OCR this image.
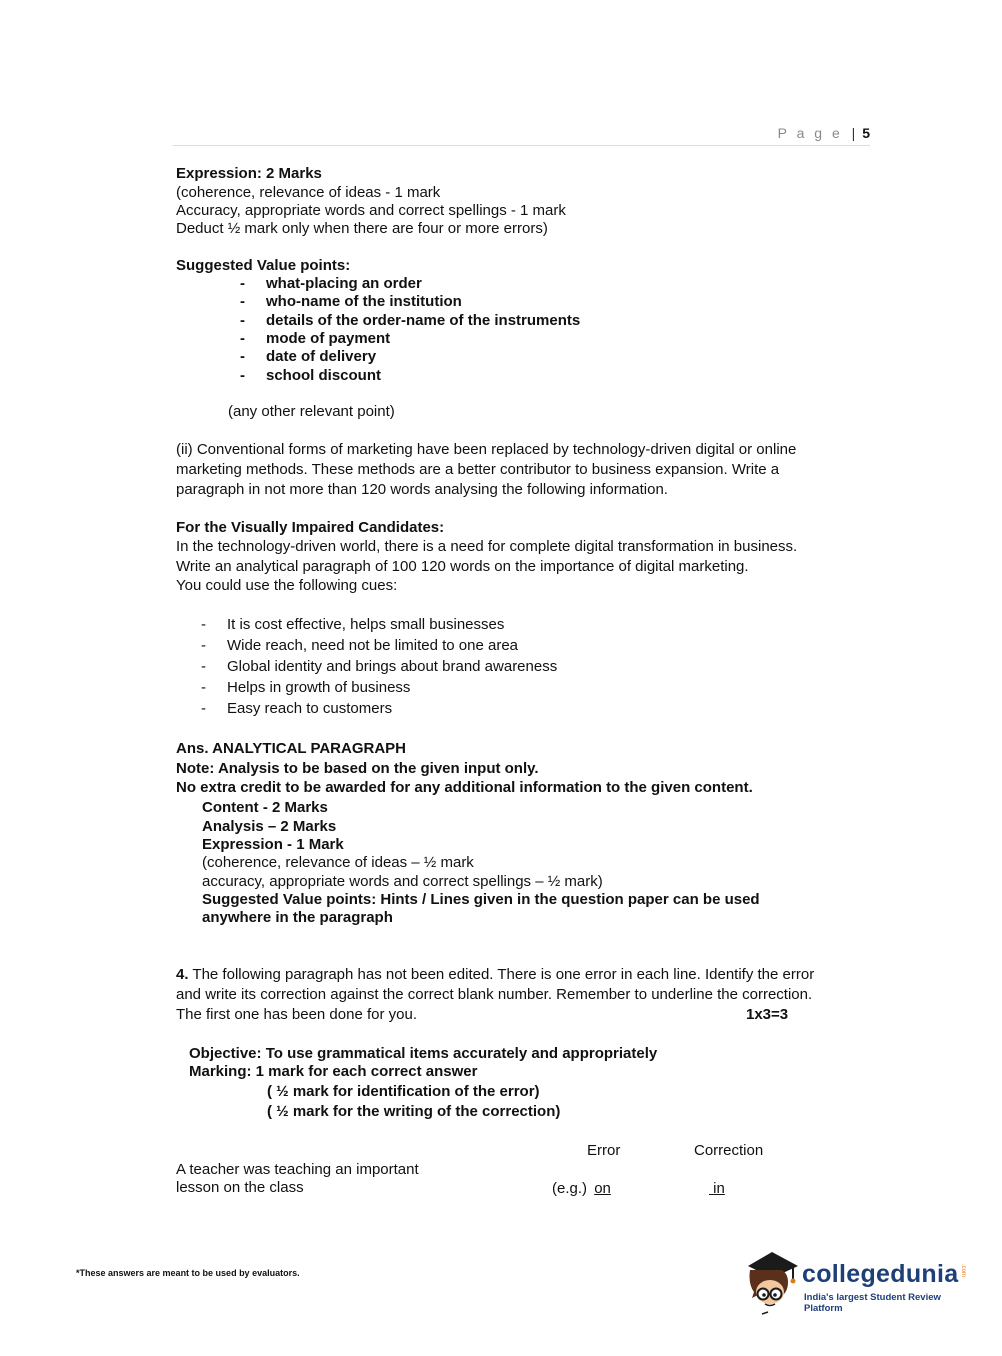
P a g e | 5
Expression: 2 Marks
(coherence, relevance of ideas - 1 mark
Accuracy, appropriate words and correct spellings - 1 mark
Deduct ½ mark only when there are four or more errors)
Suggested Value points:
- what-placing an order
- who-name of the institution
- details of the order-name of the instruments
- mode of payment
- date of delivery
- school discount
(any other relevant point)
(ii) Conventional forms of marketing have been replaced by technology-driven digital or online
marketing methods. These methods are a better contributor to business expansion. Write a
paragraph in not more than 120 words analysing the following information.
For the Visually Impaired Candidates:
In the technology-driven world, there is a need for complete digital transformation in business.
Write an analytical paragraph of 100 120 words on the importance of digital marketing.
You could use the following cues:
- It is cost effective, helps small businesses
- Wide reach, need not be limited to one area
- Global identity and brings about brand awareness
- Helps in growth of business
- Easy reach to customers
Ans. ANALYTICAL PARAGRAPH
Note: Analysis to be based on the given input only.
No extra credit to be awarded for any additional information to the given content.
Content - 2 Marks
Analysis – 2 Marks
Expression - 1 Mark
(coherence, relevance of ideas – ½ mark
accuracy, appropriate words and correct spellings – ½ mark)
Suggested Value points: Hints / Lines given in the question paper can be used
anywhere in the paragraph
4. The following paragraph has not been edited. There is one error in each line. Identify the error
and write its correction against the correct blank number. Remember to underline the correction.
The first one has been done for you.	1x3=3
Objective: To use grammatical items accurately and appropriately
Marking: 1 mark for each correct answer
( ½ mark for identification of the error)
( ½ mark for the writing of the correction)
Error	Correction
A teacher was teaching an important
lesson on the class	(e.g.) on	in
*These answers are meant to be used by evaluators.	collegedunia .com
India's largest Student Review Platform
